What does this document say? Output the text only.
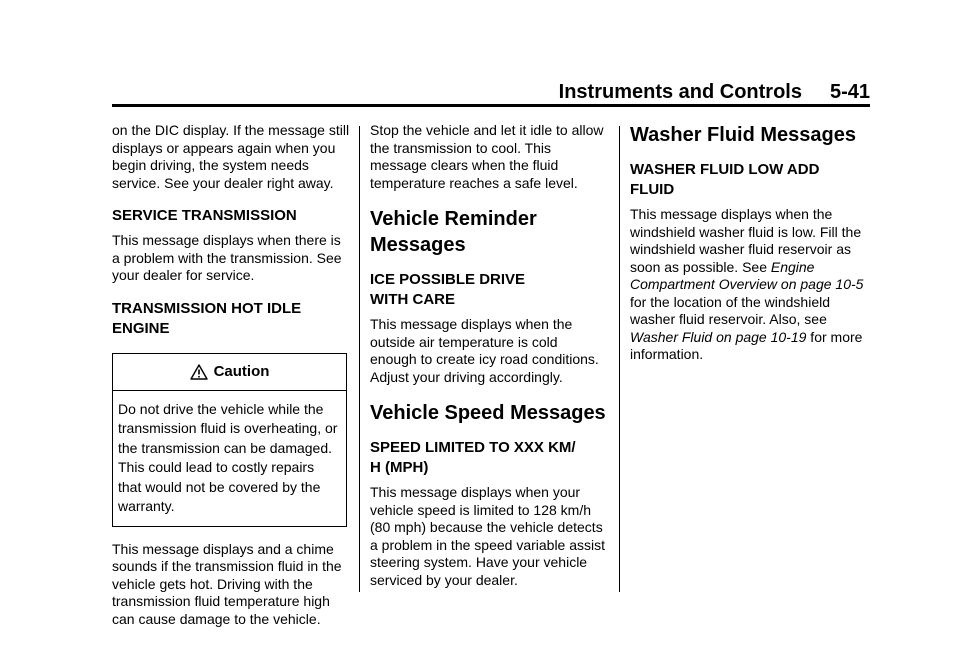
Instruments and Controls 5-41

on the DIC display. If the message still displays or appears again when you begin driving, the system needs service. See your dealer right away.

SERVICE TRANSMISSION

This message displays when there is a problem with the transmission. See your dealer for service.

TRANSMISSION HOT IDLE
ENGINE
Caution

Do not drive the vehicle while the transmission fluid is overheating, or the transmission can be damaged. This could lead to costly repairs that would not be covered by the warranty.

This message displays and a chime sounds if the transmission fluid in the vehicle gets hot. Driving with the transmission fluid temperature high can cause damage to the vehicle.

Stop the vehicle and let it idle to allow the transmission to cool. This message clears when the fluid temperature reaches a safe level.

Vehicle Reminder
Messages
ICE POSSIBLE DRIVE
WITH CARE

This message displays when the outside air temperature is cold enough to create icy road conditions. Adjust your driving accordingly.

Vehicle Speed Messages
SPEED LIMITED TO XXX KM/
H (MPH)

This message displays when your vehicle speed is limited to 128 km/h (80 mph) because the vehicle detects a problem in the speed variable assist steering system. Have your vehicle serviced by your dealer.

Washer Fluid Messages
WASHER FLUID LOW ADD
FLUID

This message displays when the windshield washer fluid is low. Fill the windshield washer fluid reservoir as soon as possible. See Engine Compartment Overview on page 10-5 for the location of the windshield washer fluid reservoir. Also, see Washer Fluid on page 10-19 for more information.
